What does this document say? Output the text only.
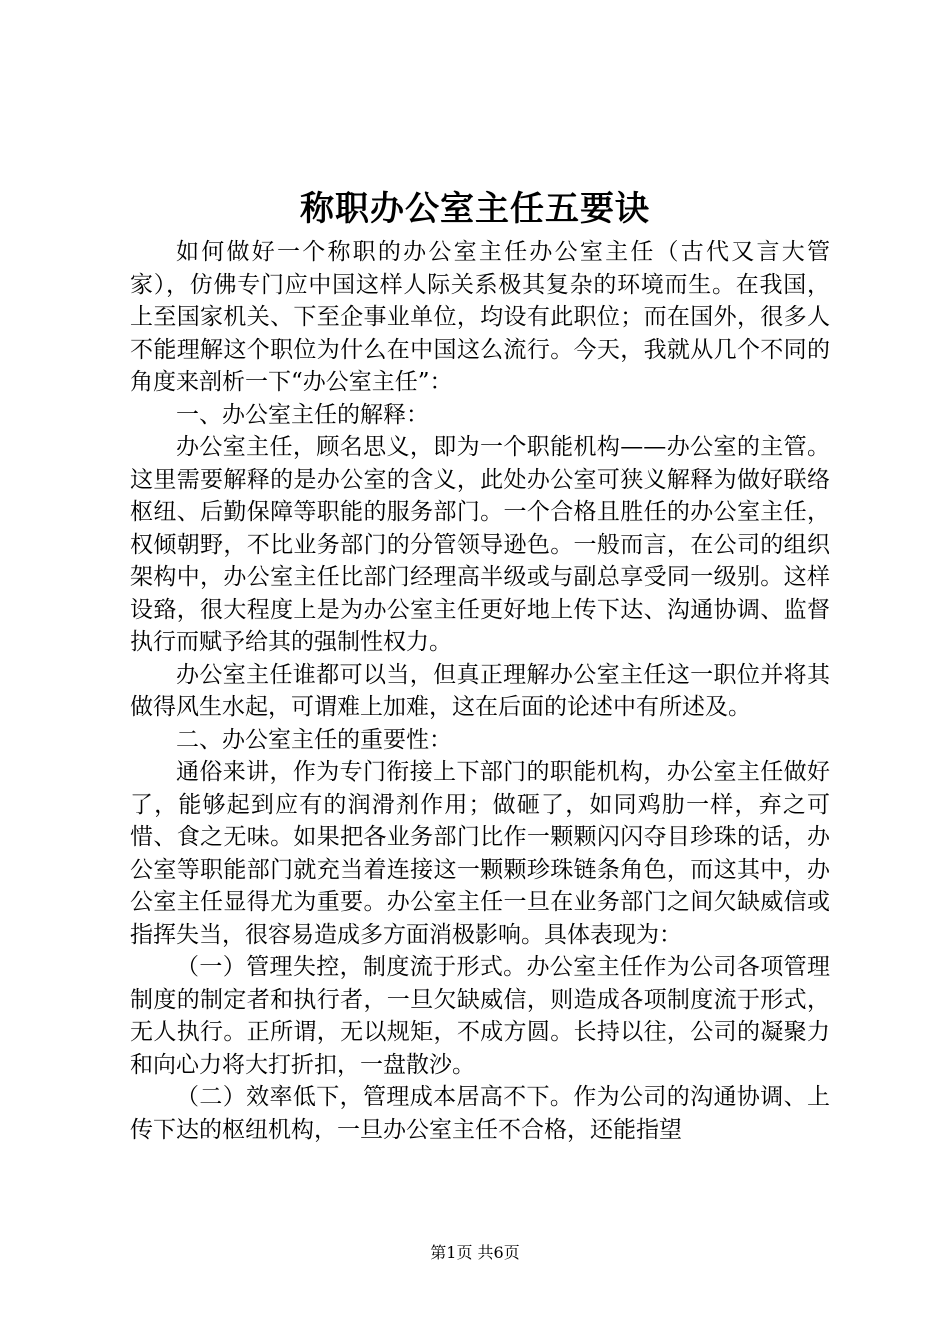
称职办公室主任五要诀

如何做好一个称职的办公室主任办公室主任（古代又言大管家），仿佛专门应中国这样人际关系极其复杂的环境而生。在我国，上至国家机关、下至企事业单位，均设有此职位；而在国外，很多人不能理解这个职位为什么在中国这么流行。今天，我就从几个不同的角度来剖析一下“办公室主任”：

一、办公室主任的解释：

办公室主任，顾名思义，即为一个职能机构——办公室的主管。这里需要解释的是办公室的含义，此处办公室可狭义解释为做好联络枢纽、后勤保障等职能的服务部门。一个合格且胜任的办公室主任，权倾朝野，不比业务部门的分管领导逊色。一般而言，在公司的组织架构中，办公室主任比部门经理高半级或与副总享受同一级别。这样设臵，很大程度上是为办公室主任更好地上传下达、沟通协调、监督执行而赋予给其的强制性权力。

办公室主任谁都可以当，但真正理解办公室主任这一职位并将其做得风生水起，可谓难上加难，这在后面的论述中有所述及。

二、办公室主任的重要性：

通俗来讲，作为专门衔接上下部门的职能机构，办公室主任做好了，能够起到应有的润滑剂作用；做砸了，如同鸡肋一样，弃之可惜、食之无味。如果把各业务部门比作一颗颗闪闪夺目珍珠的话，办公室等职能部门就充当着连接这一颗颗珍珠链条角色，而这其中，办公室主任显得尤为重要。办公室主任一旦在业务部门之间欠缺威信或指挥失当，很容易造成多方面消极影响。具体表现为：

（一）管理失控，制度流于形式。办公室主任作为公司各项管理制度的制定者和执行者，一旦欠缺威信，则造成各项制度流于形式，无人执行。正所谓，无以规矩，不成方圆。长持以往，公司的凝聚力和向心力将大打折扣，一盘散沙。

（二）效率低下，管理成本居高不下。作为公司的沟通协调、上传下达的枢纽机构，一旦办公室主任不合格，还能指望

第1页 共6页
